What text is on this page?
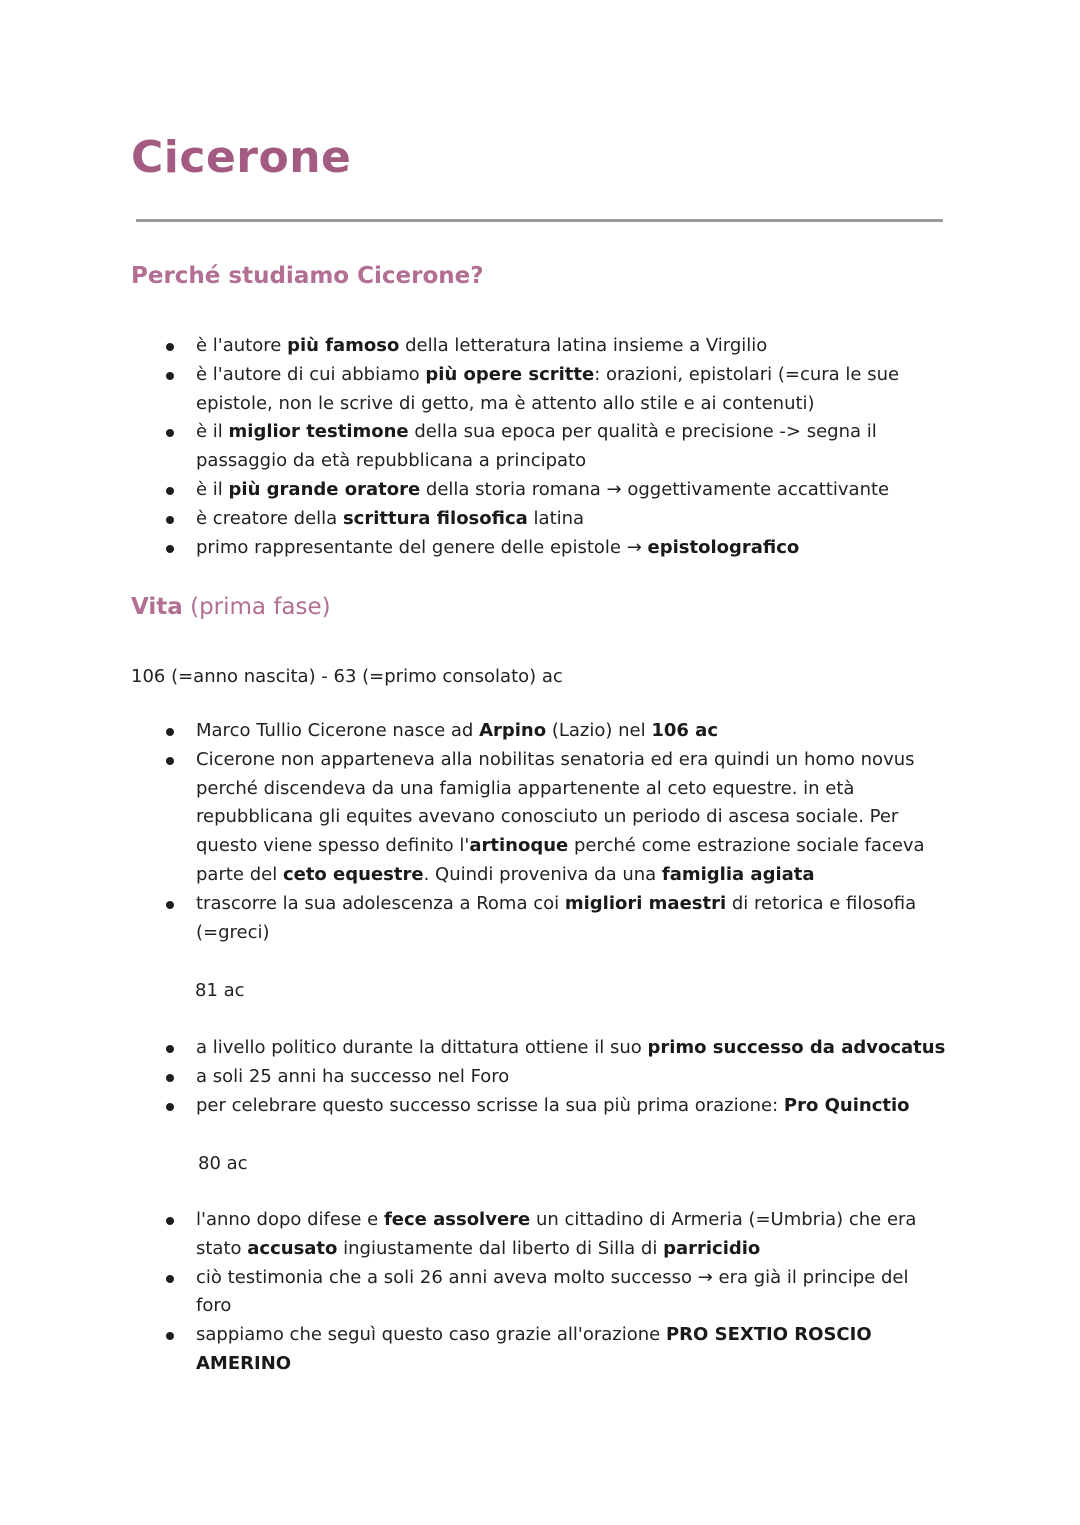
Cicerone
Perché studiamo Cicerone?
è l'autore più famoso della letteratura latina insieme a Virgilio
è l'autore di cui abbiamo più opere scritte: orazioni, epistolari (=cura le sue epistole, non le scrive di getto, ma è attento allo stile e ai contenuti)
è il miglior testimone della sua epoca per qualità e precisione -> segna il passaggio da età repubblicana a principato
è il più grande oratore della storia romana → oggettivamente accattivante
è creatore della scrittura filosofica latina
primo rappresentante del genere delle epistole → epistolografico
Vita (prima fase)

106 (=anno nascita) - 63 (=primo consolato) ac

Marco Tullio Cicerone nasce ad Arpino (Lazio) nel 106 ac
Cicerone non apparteneva alla nobilitas senatoria ed era quindi un homo novus perché discendeva da una famiglia appartenente al ceto equestre. in età repubblicana gli equites avevano conosciuto un periodo di ascesa sociale. Per questo viene spesso definito l'artinoque perché come estrazione sociale faceva parte del ceto equestre. Quindi proveniva da una famiglia agiata
trascorre la sua adolescenza a Roma coi migliori maestri di retorica e filosofia (=greci)

81 ac

a livello politico durante la dittatura ottiene il suo primo successo da advocatus
a soli 25 anni ha successo nel Foro
per celebrare questo successo scrisse la sua più prima orazione: Pro Quinctio

80 ac

l'anno dopo difese e fece assolvere un cittadino di Armeria (=Umbria) che era stato accusato ingiustamente dal liberto di Silla di parricidio
ciò testimonia che a soli 26 anni aveva molto successo → era già il principe del foro
sappiamo che seguì questo caso grazie all'orazione PRO SEXTIO ROSCIO AMERINO
